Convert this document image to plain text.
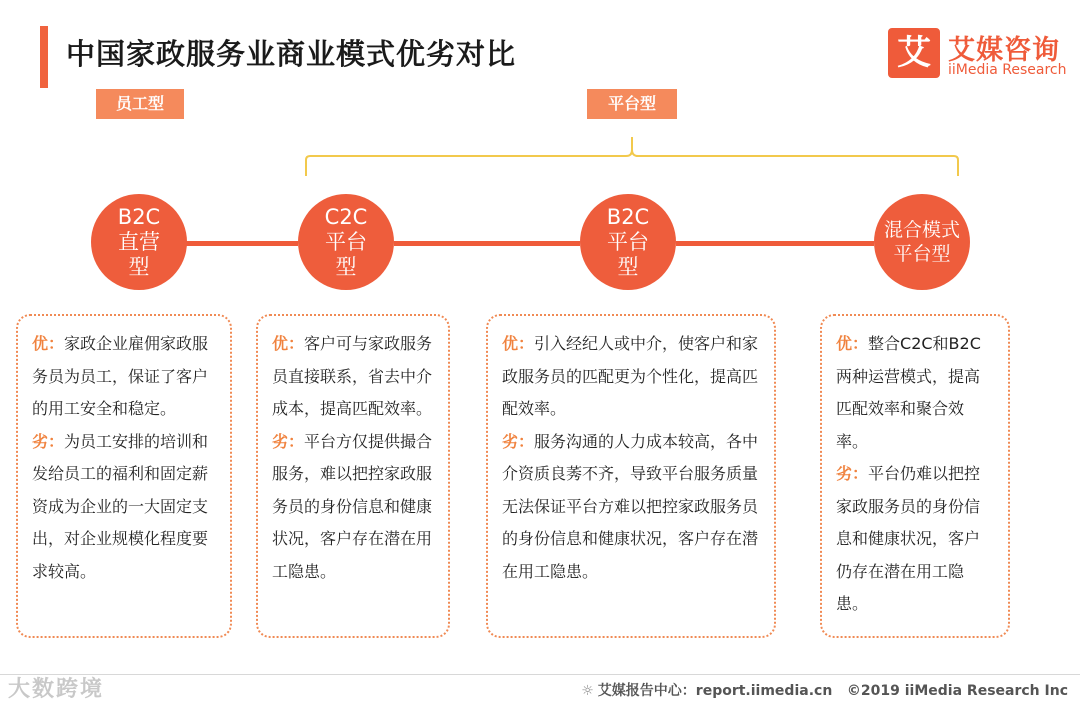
中国家政服务业商业模式优劣对比	艾 艾媒咨询
iiMedia Research
员工型	平台型
B2C
直营
型
C2C
平台
型
B2C
平台
型
混合模式
平台型
优：家政企业雇佣家政服务员为员工，保证了客户的用工安全和稳定。
劣：为员工安排的培训和发给员工的福利和固定薪资成为企业的一大固定支出，对企业规模化程度要求较高。
优：客户可与家政服务员直接联系，省去中介成本，提高匹配效率。
劣：平台方仅提供撮合服务，难以把控家政服务员的身份信息和健康状况，客户存在潜在用工隐患。
优：引入经纪人或中介，使客户和家政服务员的匹配更为个性化，提高匹配效率。
劣：服务沟通的人力成本较高，各中介资质良莠不齐，导致平台服务质量无法保证平台方难以把控家政服务员的身份信息和健康状况，客户存在潜在用工隐患。
优：整合C2C和B2C两种运营模式，提高匹配效率和聚合效率。
劣：平台仍难以把控家政服务员的身份信息和健康状况，客户仍存在潜在用工隐患。
大数跨境	☼ 艾媒报告中心：report.iimedia.cn ©2019 iiMedia Research Inc
